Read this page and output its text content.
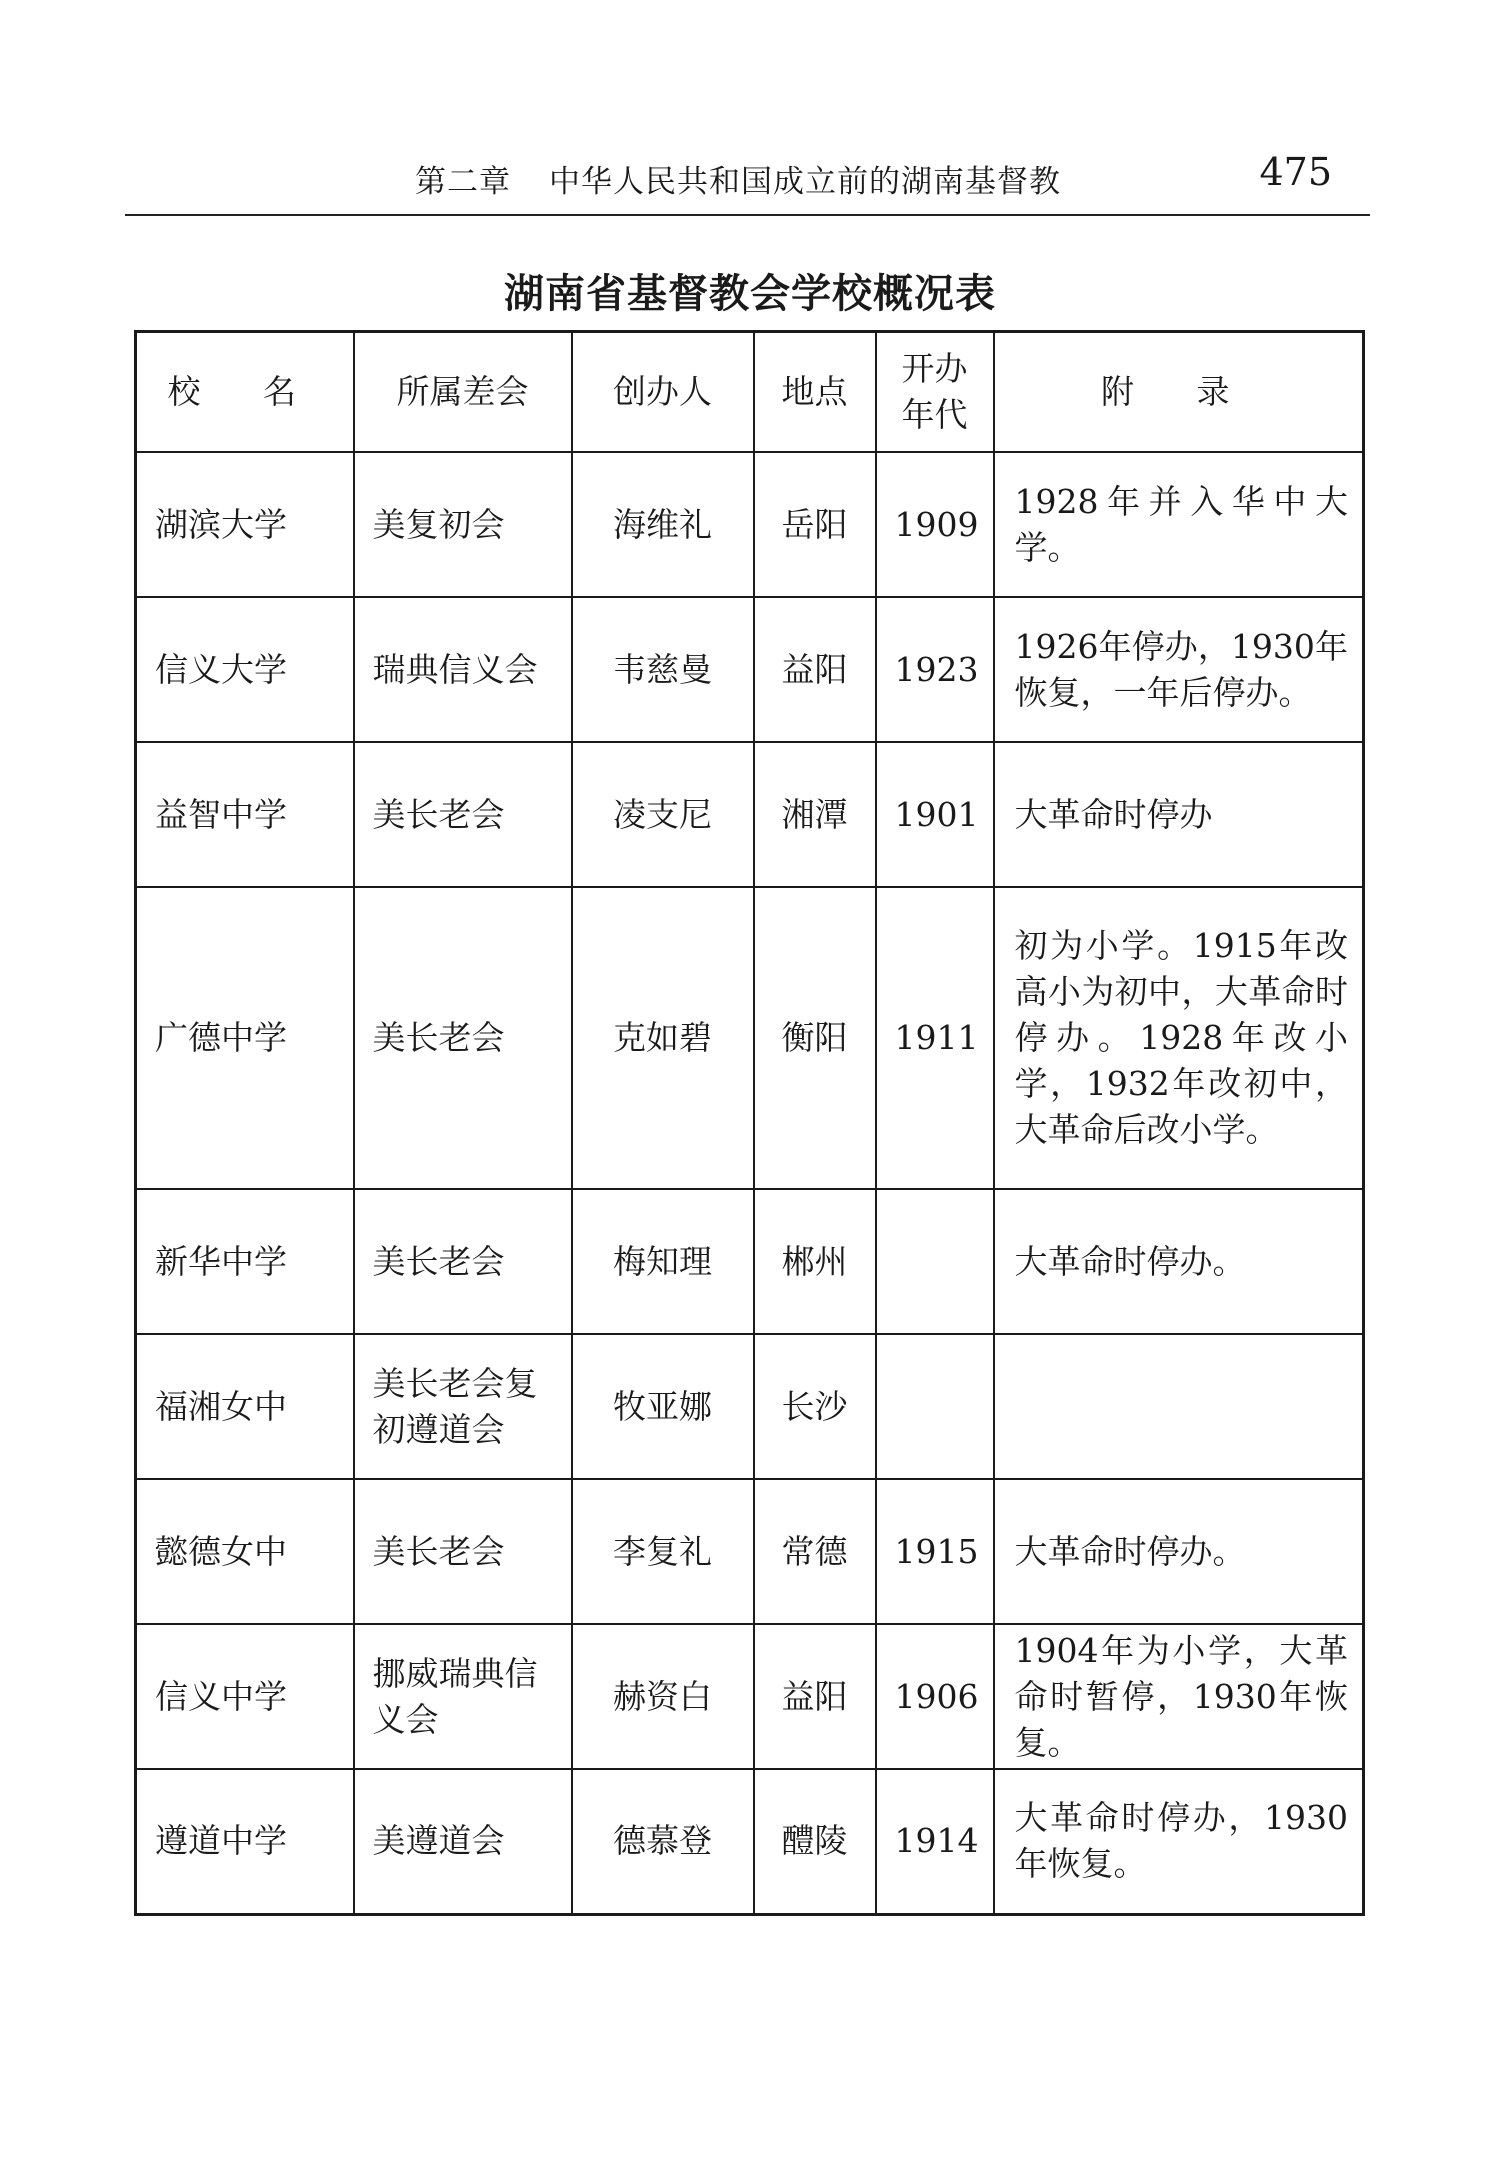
第二章 中华人民共和国成立前的湖南基督教	475
湖南省基督教会学校概况表
校 名	所属差会	创办人	地点	开办年代	附 录
湖滨大学	美复初会	海维礼	岳阳	1909	1928年并入华中大学。
信义大学	瑞典信义会	韦慈曼	益阳	1923	1926年停办，1930年恢复，一年后停办。
益智中学	美长老会	凌支尼	湘潭	1901	大革命时停办
广德中学	美长老会	克如碧	衡阳	1911	初为小学。1915年改高小为初中，大革命时停办。1928年改小学，1932年改初中，大革命后改小学。
新华中学	美长老会	梅知理	郴州		大革命时停办。
福湘女中	美长老会复初遵道会	牧亚娜	长沙		
懿德女中	美长老会	李复礼	常德	1915	大革命时停办。
信义中学	挪威瑞典信义会	赫资白	益阳	1906	1904年为小学，大革命时暂停，1930年恢复。
遵道中学	美遵道会	德慕登	醴陵	1914	大革命时停办，1930年恢复。
